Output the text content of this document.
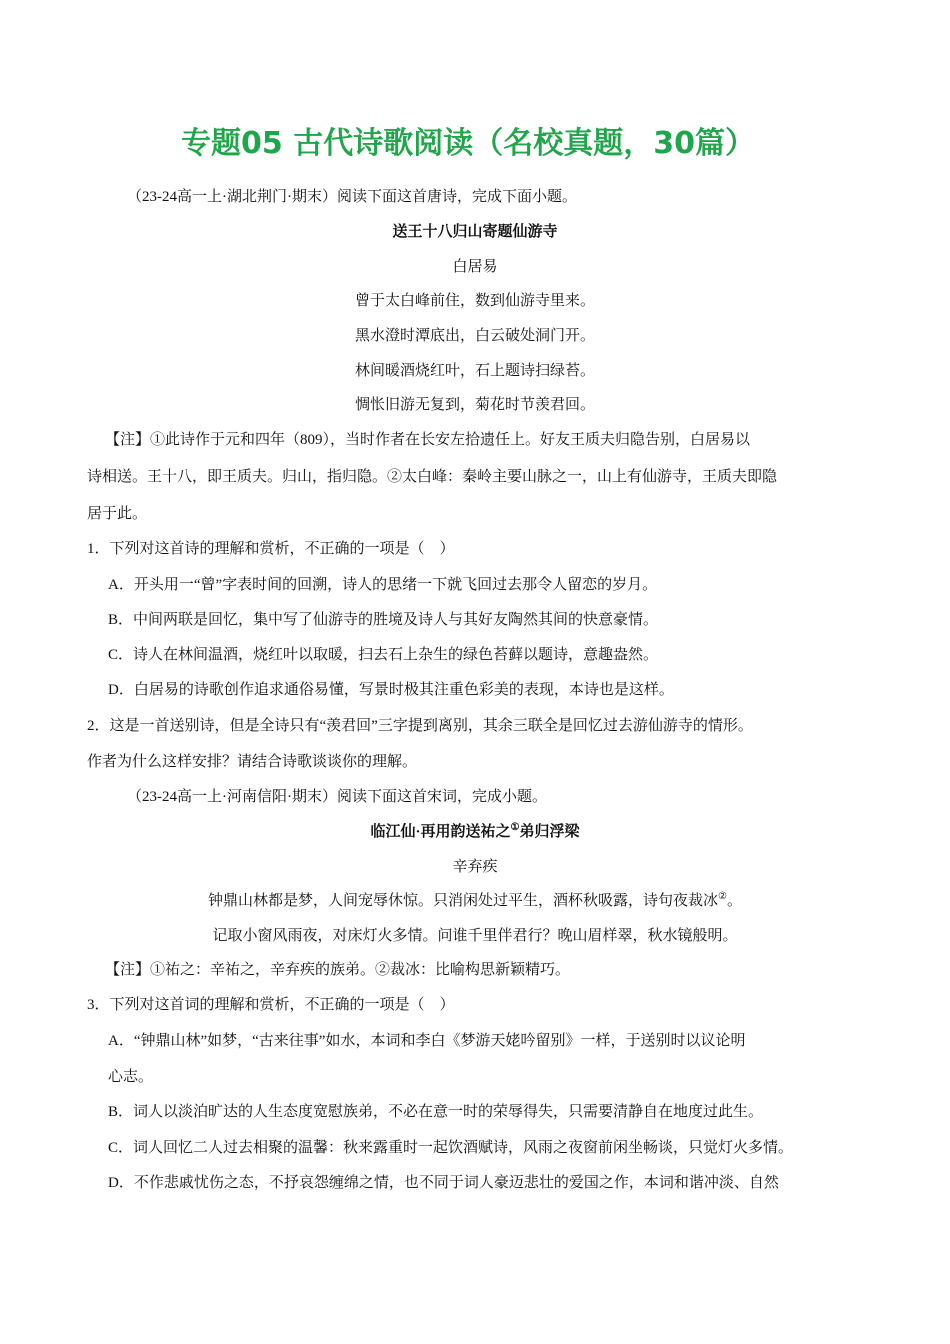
专题05 古代诗歌阅读（名校真题，30篇）
（23-24高一上·湖北荆门·期末）阅读下面这首唐诗，完成下面小题。
送王十八归山寄题仙游寺
白居易
曾于太白峰前住，数到仙游寺里来。
黑水澄时潭底出，白云破处洞门开。
林间暖酒烧红叶，石上题诗扫绿苔。
惆怅旧游无复到，菊花时节羡君回。
【注】①此诗作于元和四年（809），当时作者在长安左拾遗任上。好友王质夫归隐告别，白居易以
诗相送。王十八，即王质夫。归山，指归隐。②太白峰：秦岭主要山脉之一，山上有仙游寺，王质夫即隐
居于此。
1．下列对这首诗的理解和赏析，不正确的一项是（　）
A．开头用一“曾”字表时间的回溯，诗人的思绪一下就飞回过去那令人留恋的岁月。
B．中间两联是回忆，集中写了仙游寺的胜境及诗人与其好友陶然其间的快意豪情。
C．诗人在林间温酒，烧红叶以取暖，扫去石上杂生的绿色苔藓以题诗，意趣盎然。
D．白居易的诗歌创作追求通俗易懂，写景时极其注重色彩美的表现，本诗也是这样。
2．这是一首送别诗，但是全诗只有“羡君回”三字提到离别，其余三联全是回忆过去游仙游寺的情形。
作者为什么这样安排？请结合诗歌谈谈你的理解。
（23-24高一上·河南信阳·期末）阅读下面这首宋词，完成小题。
临江仙·再用韵送祐之①弟归浮梁
辛弃疾
钟鼎山林都是梦，人间宠辱休惊。只消闲处过平生，酒杯秋吸露，诗句夜裁冰②。
记取小窗风雨夜，对床灯火多情。问谁千里伴君行？晚山眉样翠，秋水镜般明。
【注】①祐之：辛祐之，辛弃疾的族弟。②裁冰：比喻构思新颖精巧。
3．下列对这首词的理解和赏析，不正确的一项是（　）
A．“钟鼎山林”如梦，“古来往事”如水，本词和李白《梦游天姥吟留别》一样，于送别时以议论明
心志。
B．词人以淡泊旷达的人生态度宽慰族弟，不必在意一时的荣辱得失，只需要清静自在地度过此生。
C．词人回忆二人过去相聚的温馨：秋来露重时一起饮酒赋诗，风雨之夜窗前闲坐畅谈，只觉灯火多情。
D．不作悲戚忧伤之态，不抒哀怨缠绵之情，也不同于词人豪迈悲壮的爱国之作，本词和谐冲淡、自然
